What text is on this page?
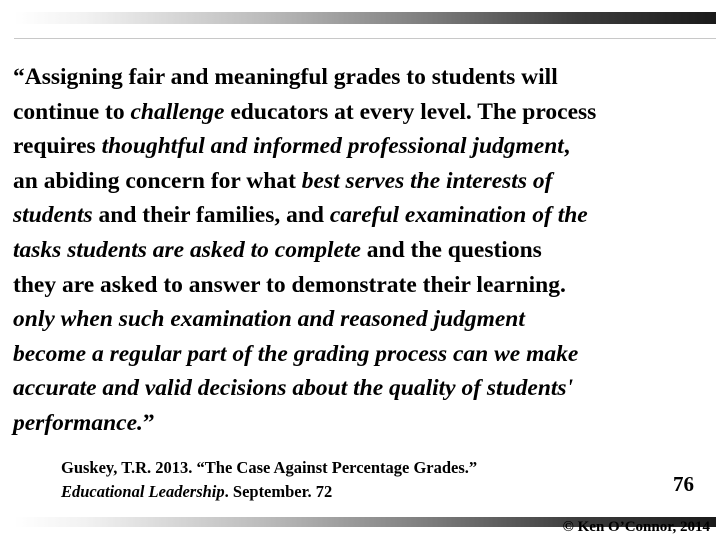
“Assigning fair and meaningful grades to students will
continue to challenge educators at every level. The process
requires thoughtful and informed professional judgment,
an abiding concern for what best serves the interests of
students and their families, and careful examination of the
tasks students are asked to complete and the questions
they are asked to answer to demonstrate their learning.
only when such examination and reasoned judgment
become a regular part of the grading process can we make
accurate and valid decisions about the quality of students'
performance.”
Guskey, T.R. 2013. “The Case Against Percentage Grades.”
Educational Leadership. September. 72	76
© Ken O’Connor, 2014
